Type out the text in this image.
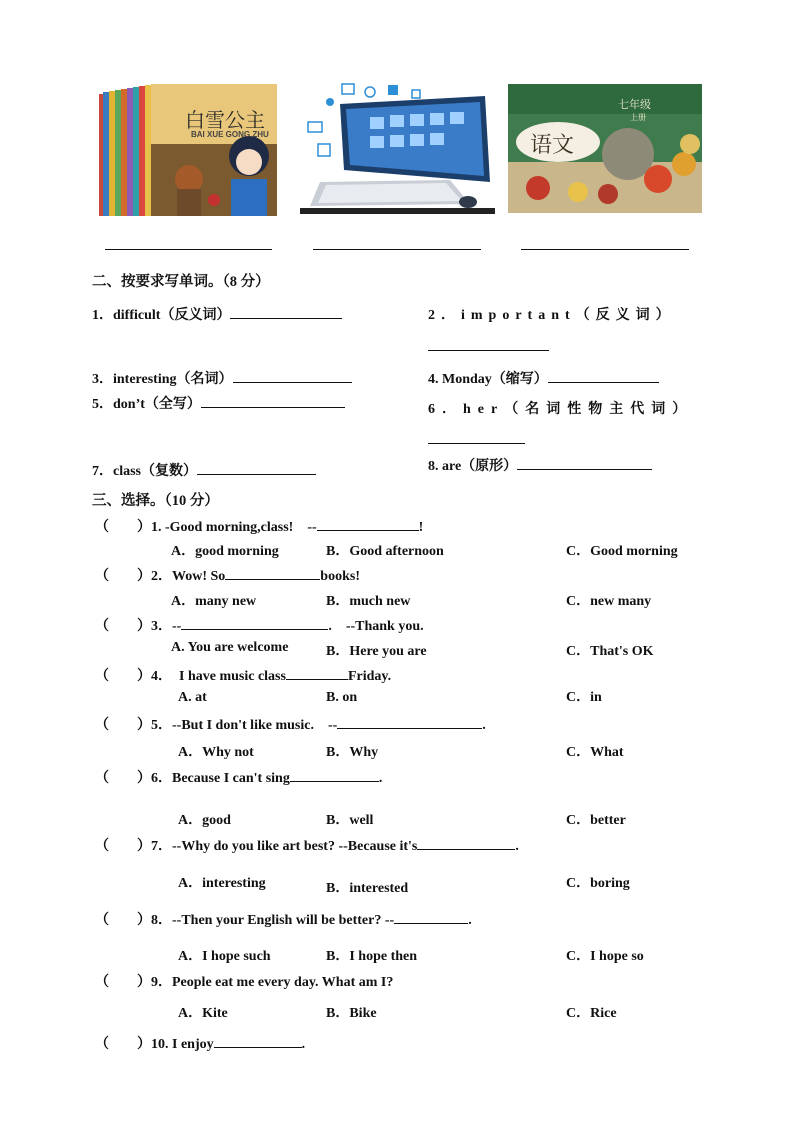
白雪公主
BAI XUE GONG ZHU
七年级
上册
语文
二、按要求写单词。（8 分）
1．difficult（反义词）	2．important（反义词）
3．interesting（名词）	4. Monday（缩写）
5．don’t（全写）	6．her（名词性物主代词）
7．class（复数）	8. are（原形）
三、选择。（10 分）
（　　）1. -Good morning,class!　--	!
A．good morning	B．Good afternoon	C．Good morning
（　　）2．Wow! So	books!
A．many new	B．much new	C．new many
（　　）3．--	.　--Thank you.
A. You are welcome	B．Here you are	C．That's OK
（　　）4．　I have music class	Friday.
A. at	B. on	C．in
（　　）5．--But I don't like music.　--	.
A．Why not	B．Why	C．What
（　　）6．Because I can't sing	.
A．good	B．well	C．better
（　　）7．--Why do you like art best? --Because it's	.
A．interesting	B．interested	C．boring
（　　）8．--Then your English will be better? --	.
A．I hope such	B．I hope then	C．I hope so
（　　）9．People eat me every day. What am I?
A．Kite	B．Bike	C．Rice
（　　）10. I enjoy	.
